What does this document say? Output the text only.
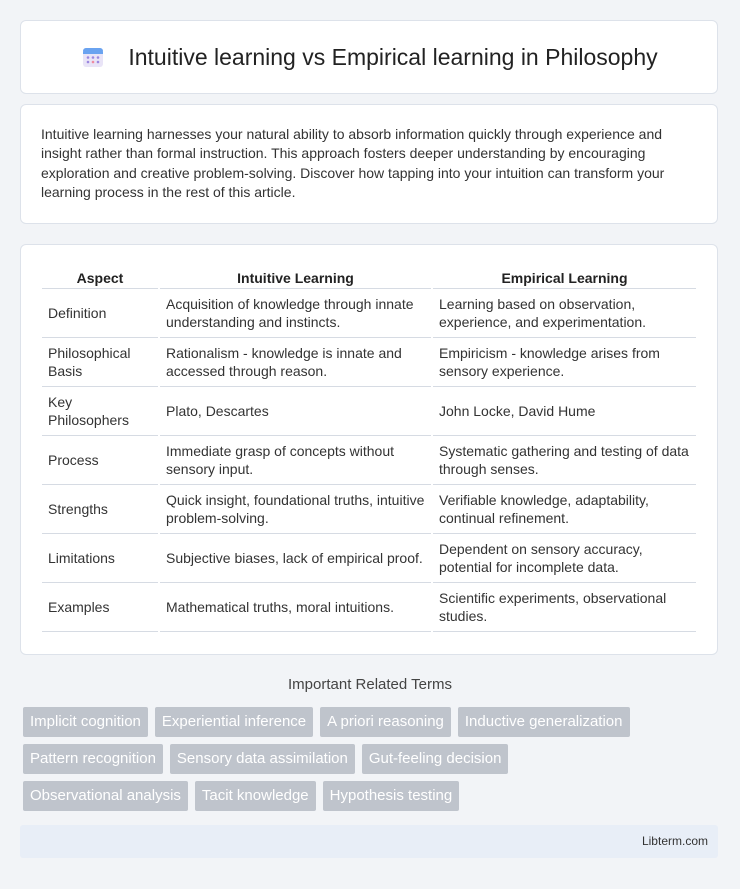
Intuitive learning vs Empirical learning in Philosophy

Intuitive learning harnesses your natural ability to absorb information quickly through experience and insight rather than formal instruction. This approach fosters deeper understanding by encouraging exploration and creative problem-solving. Discover how tapping into your intuition can transform your learning process in the rest of this article.

Aspect	Intuitive Learning	Empirical Learning
Definition	Acquisition of knowledge through innate understanding and instincts.	Learning based on observation, experience, and experimentation.
Philosophical Basis	Rationalism - knowledge is innate and accessed through reason.	Empiricism - knowledge arises from sensory experience.
Key Philosophers	Plato, Descartes	John Locke, David Hume
Process	Immediate grasp of concepts without sensory input.	Systematic gathering and testing of data through senses.
Strengths	Quick insight, foundational truths, intuitive problem-solving.	Verifiable knowledge, adaptability, continual refinement.
Limitations	Subjective biases, lack of empirical proof.	Dependent on sensory accuracy, potential for incomplete data.
Examples	Mathematical truths, moral intuitions.	Scientific experiments, observational studies.
Important Related Terms
Implicit cognition	Experiential inference	A priori reasoning	Inductive generalization
Pattern recognition	Sensory data assimilation	Gut-feeling decision
Observational analysis	Tacit knowledge	Hypothesis testing
Libterm.com
